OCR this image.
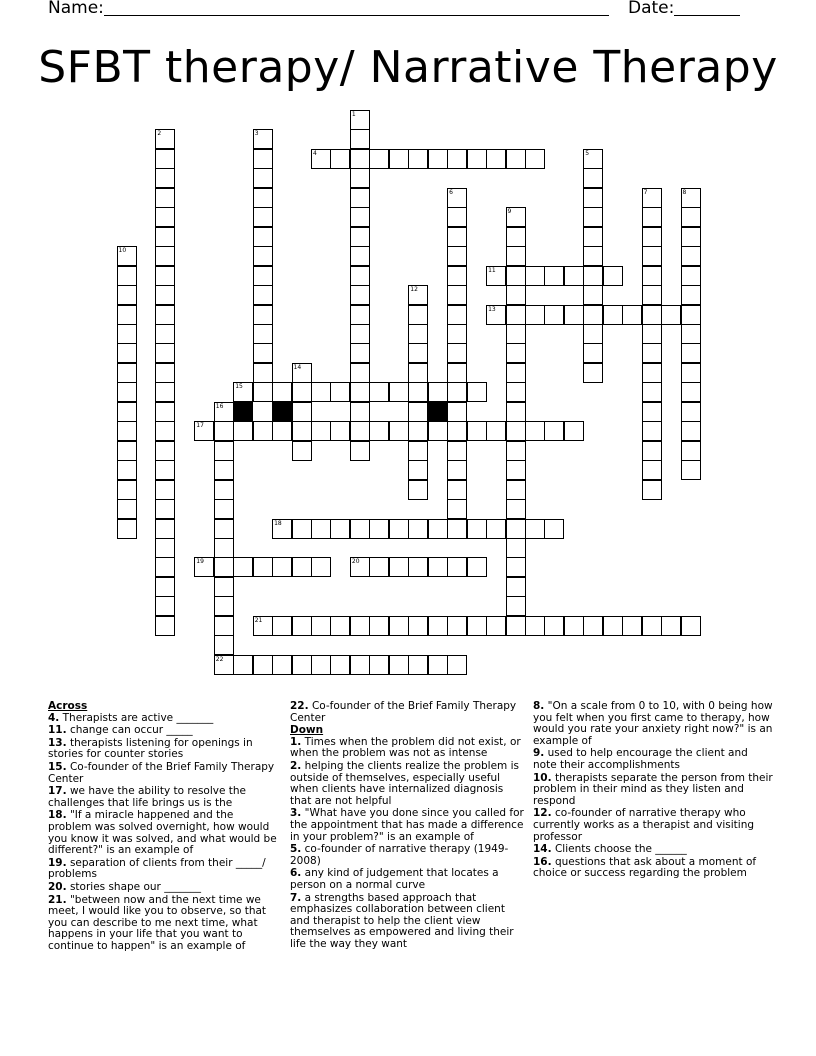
Name:	Date:
SFBT therapy/ Narrative Therapy
1
2	3
4	5
6	7	8
9
10
11
12
13
14
15
16
22
17
18
19	20
21
Across
4. Therapists are active _______
11. change can occur _____
13. therapists listening for openings in stories for counter stories
15. Co-founder of the Brief Family Therapy Center
17. we have the ability to resolve the challenges that life brings us is the
18. "If a miracle happened and the problem was solved overnight, how would you know it was solved, and what would be different?" is an example of
19. separation of clients from their _____/ problems
20. stories shape our _______
21. "between now and the next time we meet, I would like you to observe, so that you can describe to me next time, what happens in your life that you want to continue to happen" is an example of
22. Co-founder of the Brief Family Therapy Center
Down
1. Times when the problem did not exist, or when the problem was not as intense
2. helping the clients realize the problem is outside of themselves, especially useful when clients have internalized diagnosis that are not helpful
3. "What have you done since you called for the appointment that has made a difference in your problem?" is an example of
5. co-founder of narrative therapy (1949-2008)
6. any kind of judgement that locates a person on a normal curve
7. a strengths based approach that emphasizes collaboration between client and therapist to help the client view themselves as empowered and living their life the way they want
8. "On a scale from 0 to 10, with 0 being how you felt when you first came to therapy, how would you rate your anxiety right now?" is an example of
9. used to help encourage the client and note their accomplishments
10. therapists separate the person from their problem in their mind as they listen and respond
12. co-founder of narrative therapy who currently works as a therapist and visiting professor
14. Clients choose the ______
16. questions that ask about a moment of choice or success regarding the problem
